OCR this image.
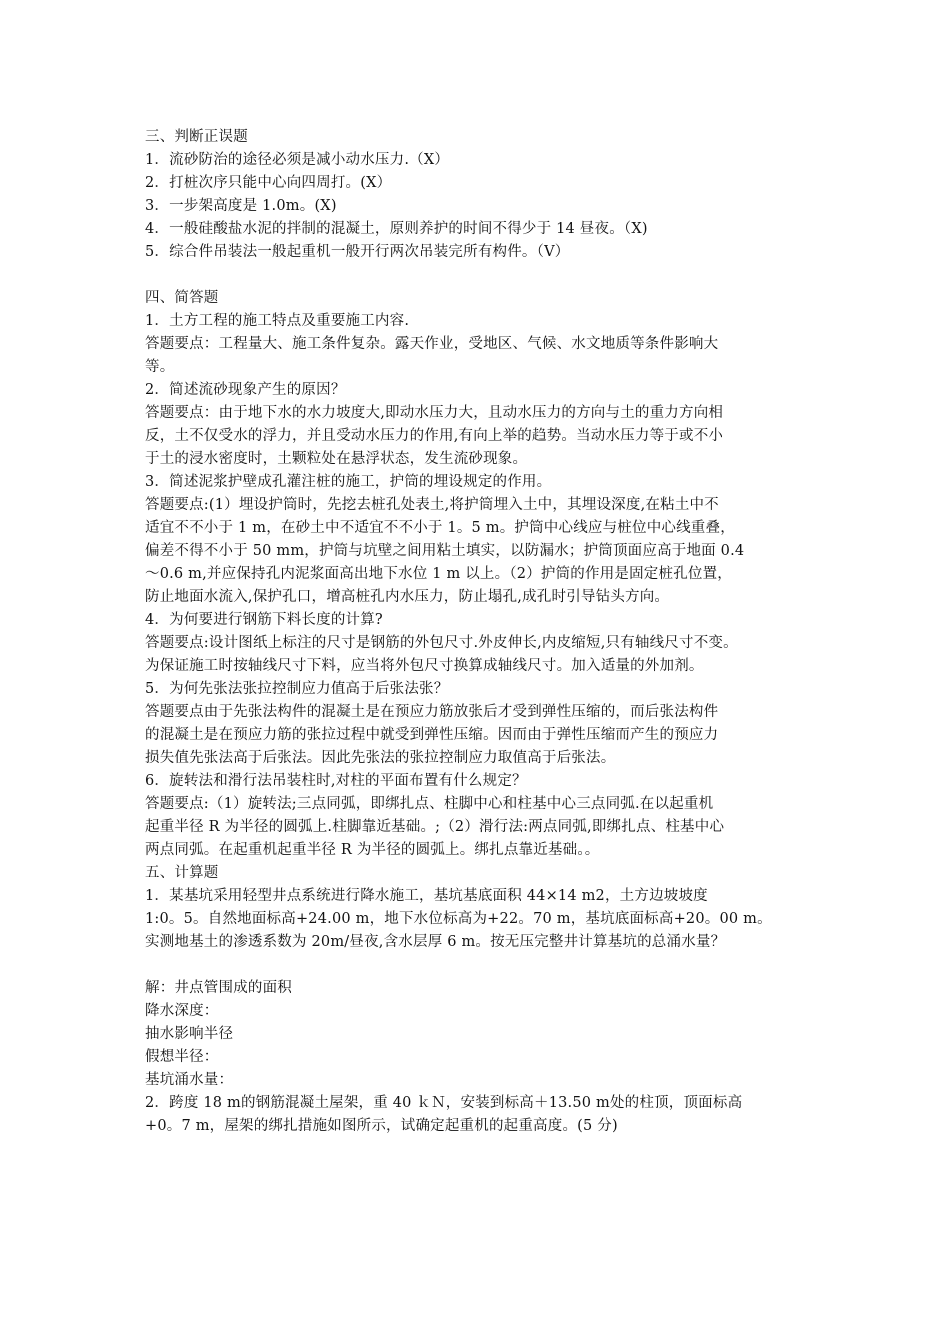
三、判断正误题
1．流砂防治的途径必须是减小动水压力.（X）
2．打桩次序只能中心向四周打。(X）
3．一步架高度是 1.0m。(X)
4．一般硅酸盐水泥的拌制的混凝土，原则养护的时间不得少于 14 昼夜。（X)
5．综合件吊装法一般起重机一般开行两次吊装完所有构件。（V）
四、简答题
1．土方工程的施工特点及重要施工内容.
答题要点：工程量大、施工条件复杂。露天作业，受地区、气候、水文地质等条件影响大
等。
2．简述流砂现象产生的原因？
答题要点：由于地下水的水力坡度大,即动水压力大，且动水压力的方向与土的重力方向相
反，土不仅受水的浮力，并且受动水压力的作用,有向上举的趋势。当动水压力等于或不小
于土的浸水密度时，土颗粒处在悬浮状态，发生流砂现象。
3．简述泥浆护壁成孔灌注桩的施工，护筒的埋设规定的作用。
答题要点:(1）埋设护筒时，先挖去桩孔处表土,将护筒埋入土中，其埋设深度,在粘土中不
适宜不不小于 1 m，在砂土中不适宜不不小于 1。5 m。护筒中心线应与桩位中心线重叠，
偏差不得不小于 50 mm，护筒与坑壁之间用粘土填实，以防漏水；护筒顶面应高于地面 0.4
～0.6 m,并应保持孔内泥浆面高出地下水位 1 m 以上。（2）护筒的作用是固定桩孔位置，
防止地面水流入,保护孔口，增高桩孔内水压力，防止塌孔,成孔时引导钻头方向。
4．为何要进行钢筋下料长度的计算?
答题要点:设计图纸上标注的尺寸是钢筋的外包尺寸.外皮伸长,内皮缩短,只有轴线尺寸不变。
为保证施工时按轴线尺寸下料，应当将外包尺寸换算成轴线尺寸。加入适量的外加剂。
5．为何先张法张拉控制应力值高于后张法张？
答题要点由于先张法构件的混凝土是在预应力筋放张后才受到弹性压缩的，而后张法构件
的混凝土是在预应力筋的张拉过程中就受到弹性压缩。因而由于弹性压缩而产生的预应力
损失值先张法高于后张法。因此先张法的张拉控制应力取值高于后张法。
6．旋转法和滑行法吊装柱时,对柱的平面布置有什么规定？
答题要点:（1）旋转法;三点同弧，即绑扎点、柱脚中心和柱基中心三点同弧.在以起重机
起重半径 R 为半径的圆弧上.柱脚靠近基础。;（2）滑行法:两点同弧,即绑扎点、柱基中心
两点同弧。在起重机起重半径 R 为半径的圆弧上。绑扎点靠近基础。。
五、计算题
1．某基坑采用轻型井点系统进行降水施工，基坑基底面积 44×14 m2，土方边坡坡度
1:0。5。自然地面标高+24.00 m，地下水位标高为+22。70 m，基坑底面标高+20。00 m。
实测地基土的渗透系数为 20m/昼夜,含水层厚 6 m。按无压完整井计算基坑的总涌水量？
解：井点管围成的面积
降水深度：
抽水影响半径
假想半径：
基坑涌水量：
2．跨度 18 m的钢筋混凝土屋架，重 40 ｋＮ，安装到标高＋13.50 m处的柱顶，顶面标高
+0。7 m，屋架的绑扎措施如图所示，试确定起重机的起重高度。(5 分)
